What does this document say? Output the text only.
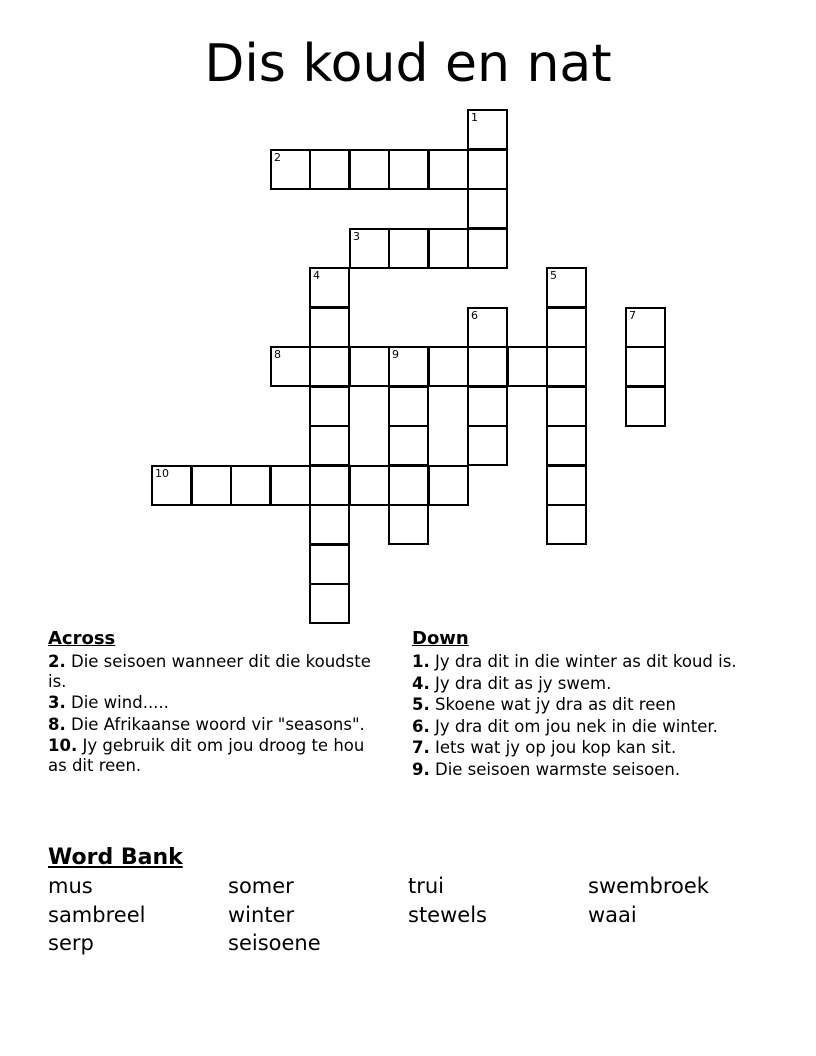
Dis koud en nat
1
2
3
4	5
6	7
8	9
10
Across
2. Die seisoen wanneer dit die koudste is.
3. Die wind.....
8. Die Afrikaanse woord vir "seasons".
10. Jy gebruik dit om jou droog te hou as dit reen.
Down
1. Jy dra dit in die winter as dit koud is.
4. Jy dra dit as jy swem.
5. Skoene wat jy dra as dit reen
6. Jy dra dit om jou nek in die winter.
7. Iets wat jy op jou kop kan sit.
9. Die seisoen warmste seisoen.
Word Bank
mus	somer	trui	swembroek
sambreel	winter	stewels	waai
serp	seisoene
